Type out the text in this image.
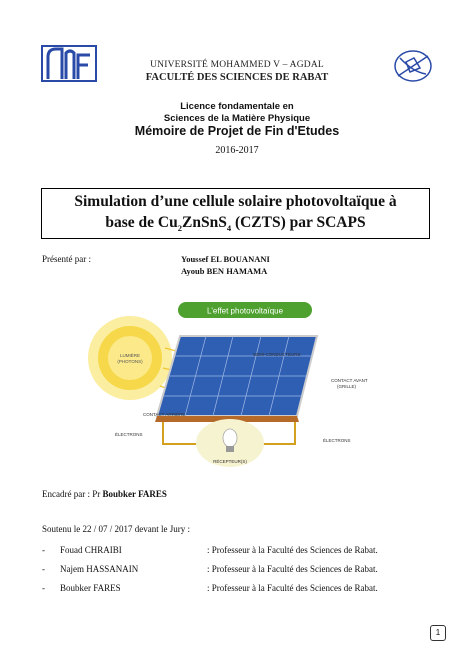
UNIVERSITÉ MOHAMMED V – AGDAL
FACULTÉ DES SCIENCES DE RABAT
Licence fondamentale en
Sciences de la Matière Physique
Mémoire de Projet de Fin d'Etudes
2016-2017
Simulation d’une cellule solaire photovoltaïque à
base de $Cu_2ZnSnS_4$ (CZTS) par SCAPS
Présenté par :	Youssef EL BOUANANI
Ayoub BEN HAMAMA
L'effet photovoltaïque
LUMIÈRE
(PHOTONS)
SEMI-CONDUCTEURS
CONTACT AVANT
(GRILLE)
CONTACT ARRIÈRE
ÉLECTRONS
ÉLECTRONS
RÉCEPTEUR(S)
Encadré par : Pr Boubker FARES
Soutenu le 22 / 07 / 2017 devant le Jury :
- Fouad CHRAIBI	: Professeur à la Faculté des Sciences de Rabat.
- Najem HASSANAIN	: Professeur à la Faculté des Sciences de Rabat.
- Boubker FARES	: Professeur à la Faculté des Sciences de Rabat.
1
